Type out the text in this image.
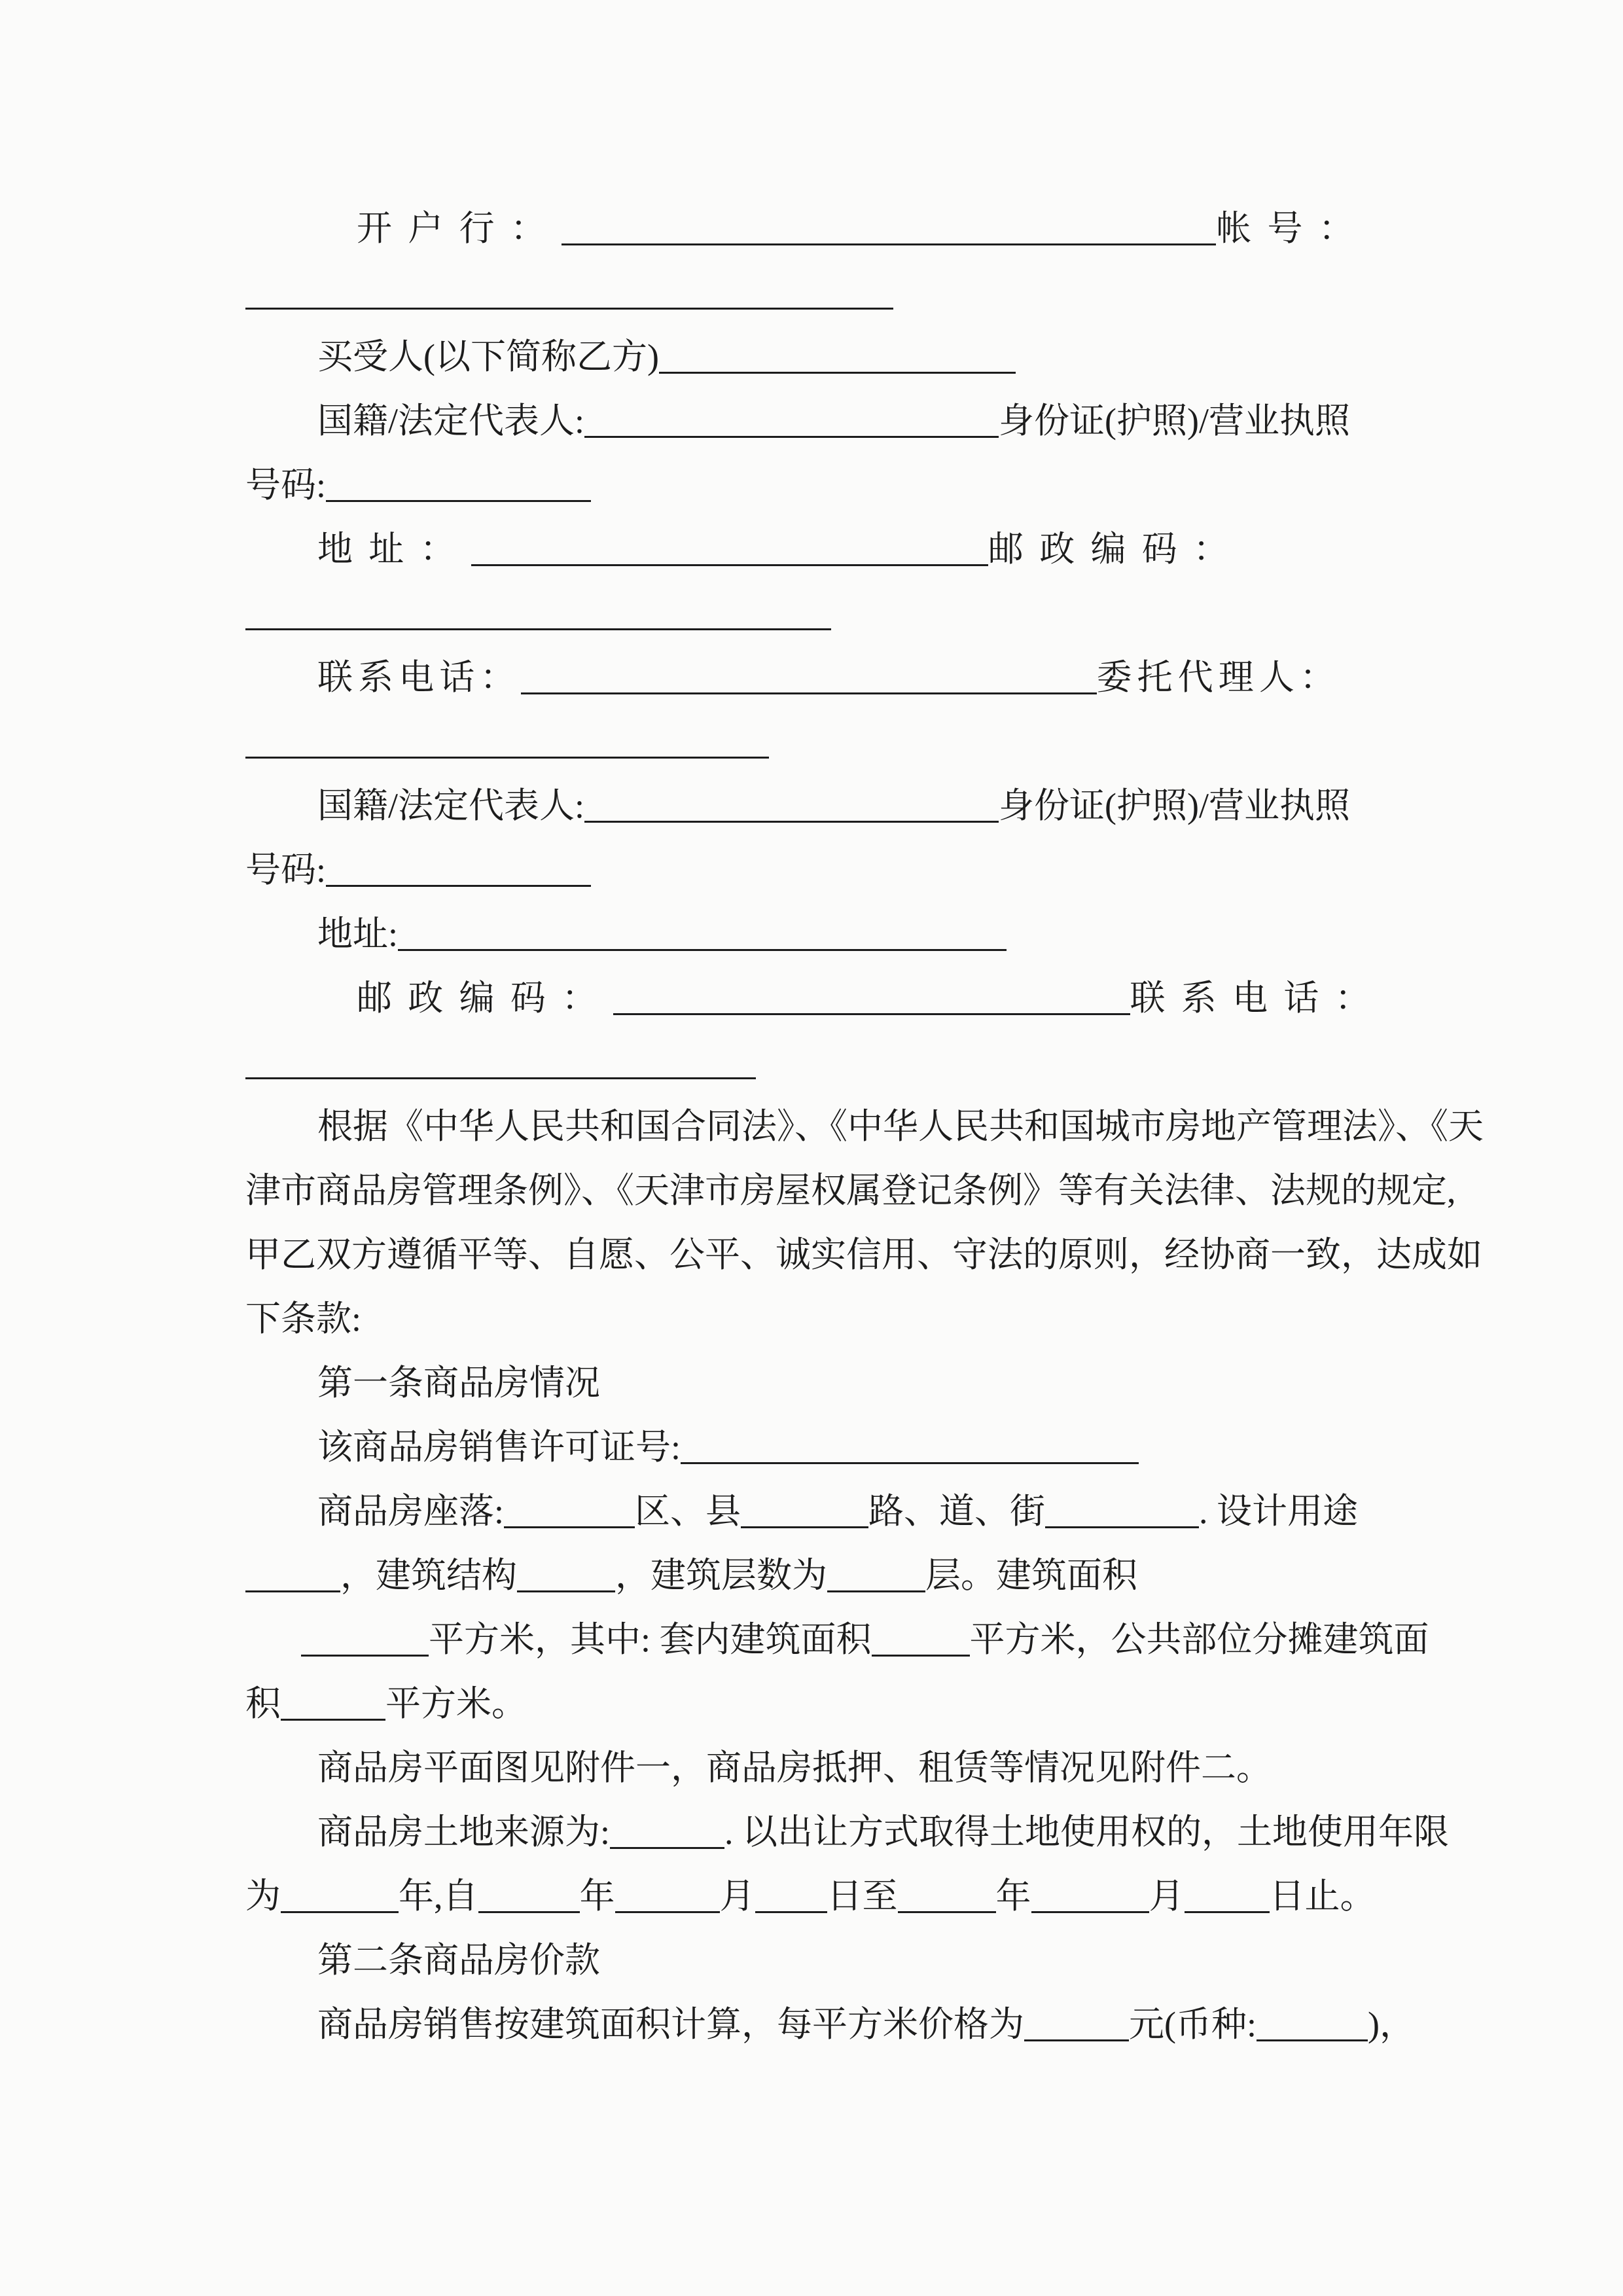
开户行：	帐号：
买受人(以下简称乙方)
国籍/法定代表人:	身份证(护照)/营业执照
号码:
地址：	邮政编码：
联系电话：	委托代理人：
国籍/法定代表人:	身份证(护照)/营业执照
号码:
地址:
邮政编码：	联系电话：
根据《中华人民共和国合同法》、《中华人民共和国城市房地产管理法》、《天
津市商品房管理条例》、《天津市房屋权属登记条例》等有关法律、法规的规定,
甲乙双方遵循平等、自愿、公平、诚实信用、守法的原则，经协商一致，达成如
下条款:
第一条商品房情况
该商品房销售许可证号:
商品房座落:	区、县	路、道、街	. 设计用途
，建筑结构	，建筑层数为	层。建筑面积
平方米，其中: 套内建筑面积	平方米，公共部位分摊建筑面
积	平方米。
商品房平面图见附件一，商品房抵押、租赁等情况见附件二。
商品房土地来源为:	. 以出让方式取得土地使用权的，土地使用年限
为	年,自	年	月 日至	年	月 日止。
第二条商品房价款
商品房销售按建筑面积计算，每平方米价格为	元(币种:	)，
